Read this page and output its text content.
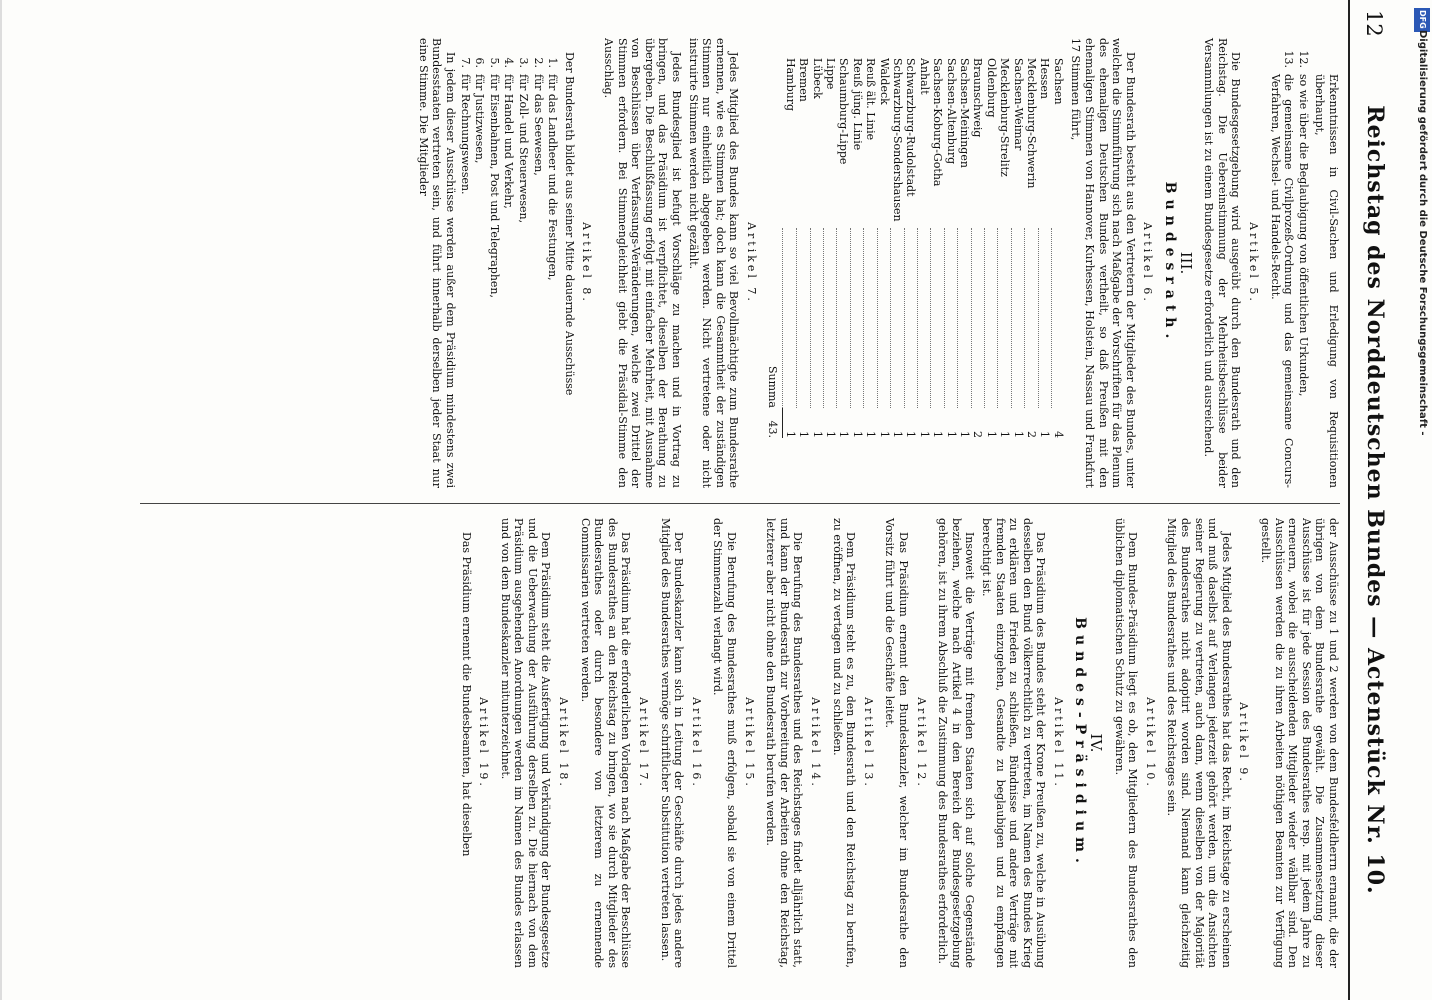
12
Reichstag des Norddeutschen Bundes — Actenstück Nr. 10.

Erkenntnissen in Civil-Sachen und Erledigung von Requisitionen überhaupt,

12.
so wie über die Beglaubigung von öffentlichen Urkunden,
13.
die gemeinsame Civilprozeß-Ordnung und das gemeinsame Concurs-Verfahren, Wechsel- und Handels-Recht.
Artikel 5.

Die Bundesgesetzgebung wird ausgeübt durch den Bundesrath und den Reichstag. Die Uebereinstimmung der Mehrheitsbeschlüsse beider Versammlungen ist zu einem Bundesgesetze erforderlich und ausreichend.

III.
Bundesrath.
Artikel 6.

Der Bundesrath besteht aus den Vertretern der Mitglieder des Bundes, unter welchen die Stimmführung sich nach Maßgabe der Vorschriften für das Plenum des ehemaligen Deutschen Bundes vertheilt, so daß Preußen mit den ehemaligen Stimmen von Hannover, Kurhessen, Holstein, Nassau und Frankfurt 17 Stimmen führt,

Sachsen		4
Hessen		1
Mecklenburg-Schwerin		2
Sachsen-Weimar		1
Mecklenburg-Strelitz		1
Oldenburg		1
Braunschweig		2
Sachsen-Meiningen		1
Sachsen-Altenburg		1
Sachsen-Koburg-Gotha		1
Anhalt		1
Schwarzburg-Rudolstadt		1
Schwarzburg-Sondershausen		1
Waldeck		1
Reuß ält. Linie		1
Reuß jüng. Linie		1
Schaumburg-Lippe		1
Lippe		1
Lübeck		1
Bremen		1
Hamburg		1
Summa		43.
Artikel 7.

Jedes Mitglied des Bundes kann so viel Bevollmächtigte zum Bundesrathe ernennen, wie es Stimmen hat; doch kann die Gesammtheit der zuständigen Stimmen nur einheitlich abgegeben werden. Nicht vertretene oder nicht instruirte Stimmen werden nicht gezählt.

Jedes Bundesglied ist befugt Vorschläge zu machen und in Vortrag zu bringen, und das Präsidium ist verpflichtet, dieselben der Berathung zu übergeben. Die Beschlußfassung erfolgt mit einfacher Mehrheit, mit Ausnahme von Beschlüssen über Verfassungs-Veränderungen, welche zwei Drittel der Stimmen erfordern. Bei Stimmengleichheit giebt die Präsidial-Stimme den Ausschlag.

Artikel 8.

Der Bundesrath bildet aus seiner Mitte dauernde Ausschüsse

1.
für das Landheer und die Festungen,
2.
für das Seewesen,
3.
für Zoll- und Steuerwesen,
4.
für Handel und Verkehr,
5.
für Eisenbahnen, Post und Telegraphen,
6.
für Justizwesen,
7.
für Rechnungswesen.

In jedem dieser Ausschüsse werden außer dem Präsidium mindestens zwei Bundesstaaten vertreten sein, und führt innerhalb derselben jeder Staat nur eine Stimme. Die Mitglieder

der Ausschüsse zu 1 und 2 werden von dem Bundesfeldherrn ernannt, die der übrigen von dem Bundesrathe gewählt. Die Zusammensetzung dieser Ausschüsse ist für jede Session des Bundesrathes resp. mit jedem Jahre zu erneuern, wobei die ausscheidenden Mitglieder wieder wählbar sind. Den Ausschüssen werden die zu ihren Arbeiten nöthigen Beamten zur Verfügung gestellt.

Artikel 9.

Jedes Mitglied des Bundesrathes hat das Recht, im Reichstage zu erscheinen und muß daselbst auf Verlangen jederzeit gehört werden, um die Ansichten seiner Regierung zu vertreten, auch dann, wenn dieselben von der Majorität des Bundesrathes nicht adoptirt worden sind. Niemand kann gleichzeitig Mitglied des Bundesrathes und des Reichstages sein.

Artikel 10.

Dem Bundes-Präsidium liegt es ob, den Mitgliedern des Bundesrathes den üblichen diplomatischen Schutz zu gewähren.

IV.
Bundes-Präsidium.
Artikel 11.

Das Präsidium des Bundes steht der Krone Preußen zu, welche in Ausübung desselben den Bund völkerrechtlich zu vertreten, im Namen des Bundes Krieg zu erklären und Frieden zu schließen, Bündnisse und andere Verträge mit fremden Staaten einzugehen, Gesandte zu beglaubigen und zu empfangen berechtigt ist.

Insoweit die Verträge mit fremden Staaten sich auf solche Gegenstände beziehen, welche nach Artikel 4 in den Bereich der Bundesgesetzgebung gehören, ist zu ihrem Abschluß die Zustimmung des Bundesrathes erforderlich.

Artikel 12.

Das Präsidium ernennt den Bundeskanzler, welcher im Bundesrathe den Vorsitz führt und die Geschäfte leitet.

Artikel 13.

Dem Präsidium steht es zu, den Bundesrath und den Reichstag zu berufen, zu eröffnen, zu vertagen und zu schließen.

Artikel 14.

Die Berufung des Bundesrathes und des Reichstages findet alljährlich statt, und kann der Bundesrath zur Vorbereitung der Arbeiten ohne den Reichstag, letzterer aber nicht ohne den Bundesrath berufen werden.

Artikel 15.

Die Berufung des Bundesrathes muß erfolgen, sobald sie von einem Drittel der Stimmenzahl verlangt wird.

Artikel 16.

Der Bundeskanzler kann sich in Leitung der Geschäfte durch jedes andere Mitglied des Bundesrathes vermöge schriftlicher Substitution vertreten lassen.

Artikel 17.

Das Präsidium hat die erforderlichen Vorlagen nach Maßgabe der Beschlüsse des Bundesrathes an den Reichstag zu bringen, wo sie durch Mitglieder des Bundesrathes oder durch besondere von letzterem zu ernennende Commissarien vertreten werden.

Artikel 18.

Dem Präsidium steht die Ausfertigung und Verkündigung der Bundesgesetze und die Ueberwachung der Ausführung derselben zu. Die hiernach von dem Präsidium ausgehenden Anordnungen werden im Namen des Bundes erlassen und von dem Bundeskanzler mitunterzeichnet.

Artikel 19.

Das Präsidium ernennt die Bundesbeamten, hat dieselben

DFG
Digitalisierung gefördert durch die Deutsche Forschungsgemeinschaft -
